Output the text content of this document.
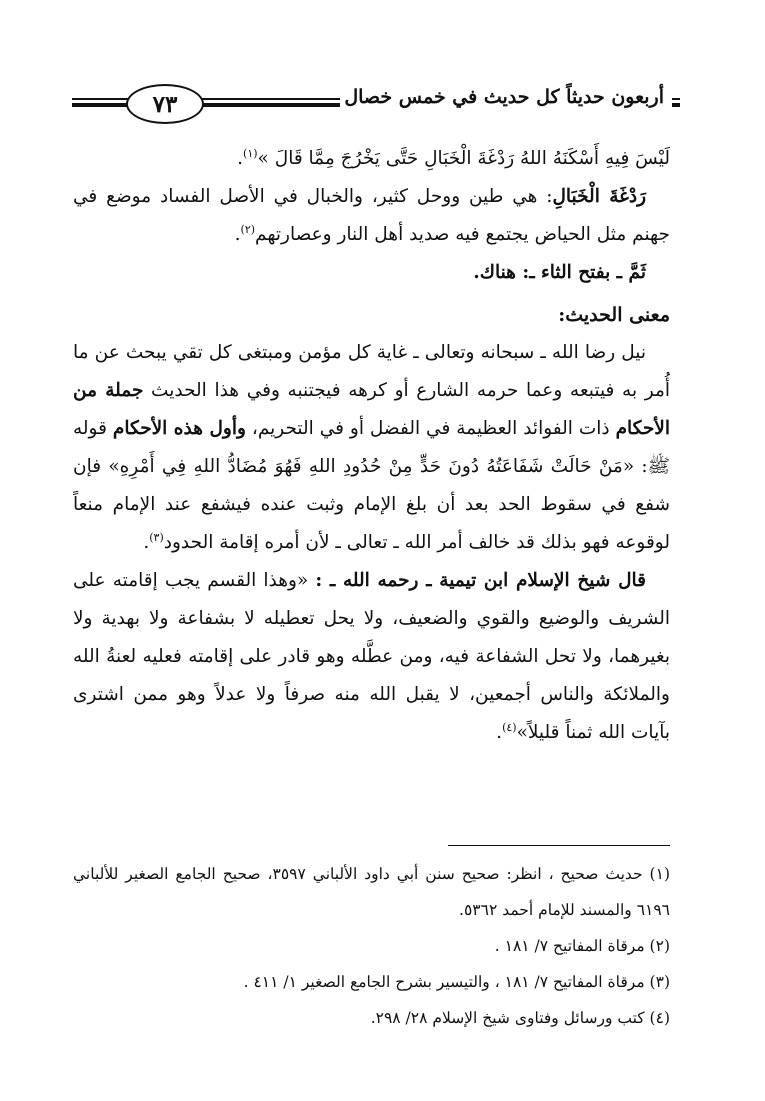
٧٣	أربعون حديثاً كل حديث في خمس خصال

لَيْسَ فِيهِ أَسْكَنَهُ اللهُ رَدْغَةَ الْخَبَالِ حَتَّى يَخْرُجَ مِمَّا قَالَ »$^{(١)}$.

رَدْغَةَ الْخَبَالِ: هي طين ووحل كثير، والخبال في الأصل الفساد موضع في جهنم مثل الحياض يجتمع فيه صديد أهل النار وعصارتهم$^{(٢)}$.

ثَمَّ ـ بفتح الثاء ـ: هناك.

معنى الحديث:

نيل رضا الله ـ سبحانه وتعالى ـ غاية كل مؤمن ومبتغى كل تقي يبحث عن ما أُمر به فيتبعه وعما حرمه الشارع أو كرهه فيجتنبه وفي هذا الحديث جملة من الأحكام ذات الفوائد العظيمة في الفضل أو في التحريم، وأول هذه الأحكام قوله ﷺ: «مَنْ حَالَتْ شَفَاعَتُهُ دُونَ حَدٍّ مِنْ حُدُودِ اللهِ فَهُوَ مُضَادُّ اللهِ فِي أَمْرِهِ» فإن شفع في سقوط الحد بعد أن بلغ الإمام وثبت عنده فيشفع عند الإمام منعاً لوقوعه فهو بذلك قد خالف أمر الله ـ تعالى ـ لأن أمره إقامة الحدود$^{(٣)}$.

قال شيخ الإسلام ابن تيمية ـ رحمه الله ـ : «وهذا القسم يجب إقامته على الشريف والوضيع والقوي والضعيف، ولا يحل تعطيله لا بشفاعة ولا بهدية ولا بغيرهما، ولا تحل الشفاعة فيه، ومن عطَّله وهو قادر على إقامته فعليه لعنةُ الله والملائكة والناس أجمعين، لا يقبل الله منه صرفاً ولا عدلاً وهو ممن اشترى بآيات الله ثمناً قليلاً»$^{(٤)}$.

(١) حديث صحيح ، انظر: صحيح سنن أبي داود الألباني ٣٥٩٧، صحيح الجامع الصغير للألباني ٦١٩٦ والمسند للإمام أحمد ٥٣٦٢.

(٢) مرقاة المفاتيح ٧/ ١٨١ .

(٣) مرقاة المفاتيح ٧/ ١٨١ ، والتيسير بشرح الجامع الصغير ١/ ٤١١ .

(٤) كتب ورسائل وفتاوى شيخ الإسلام ٢٨/ ٢٩٨.
